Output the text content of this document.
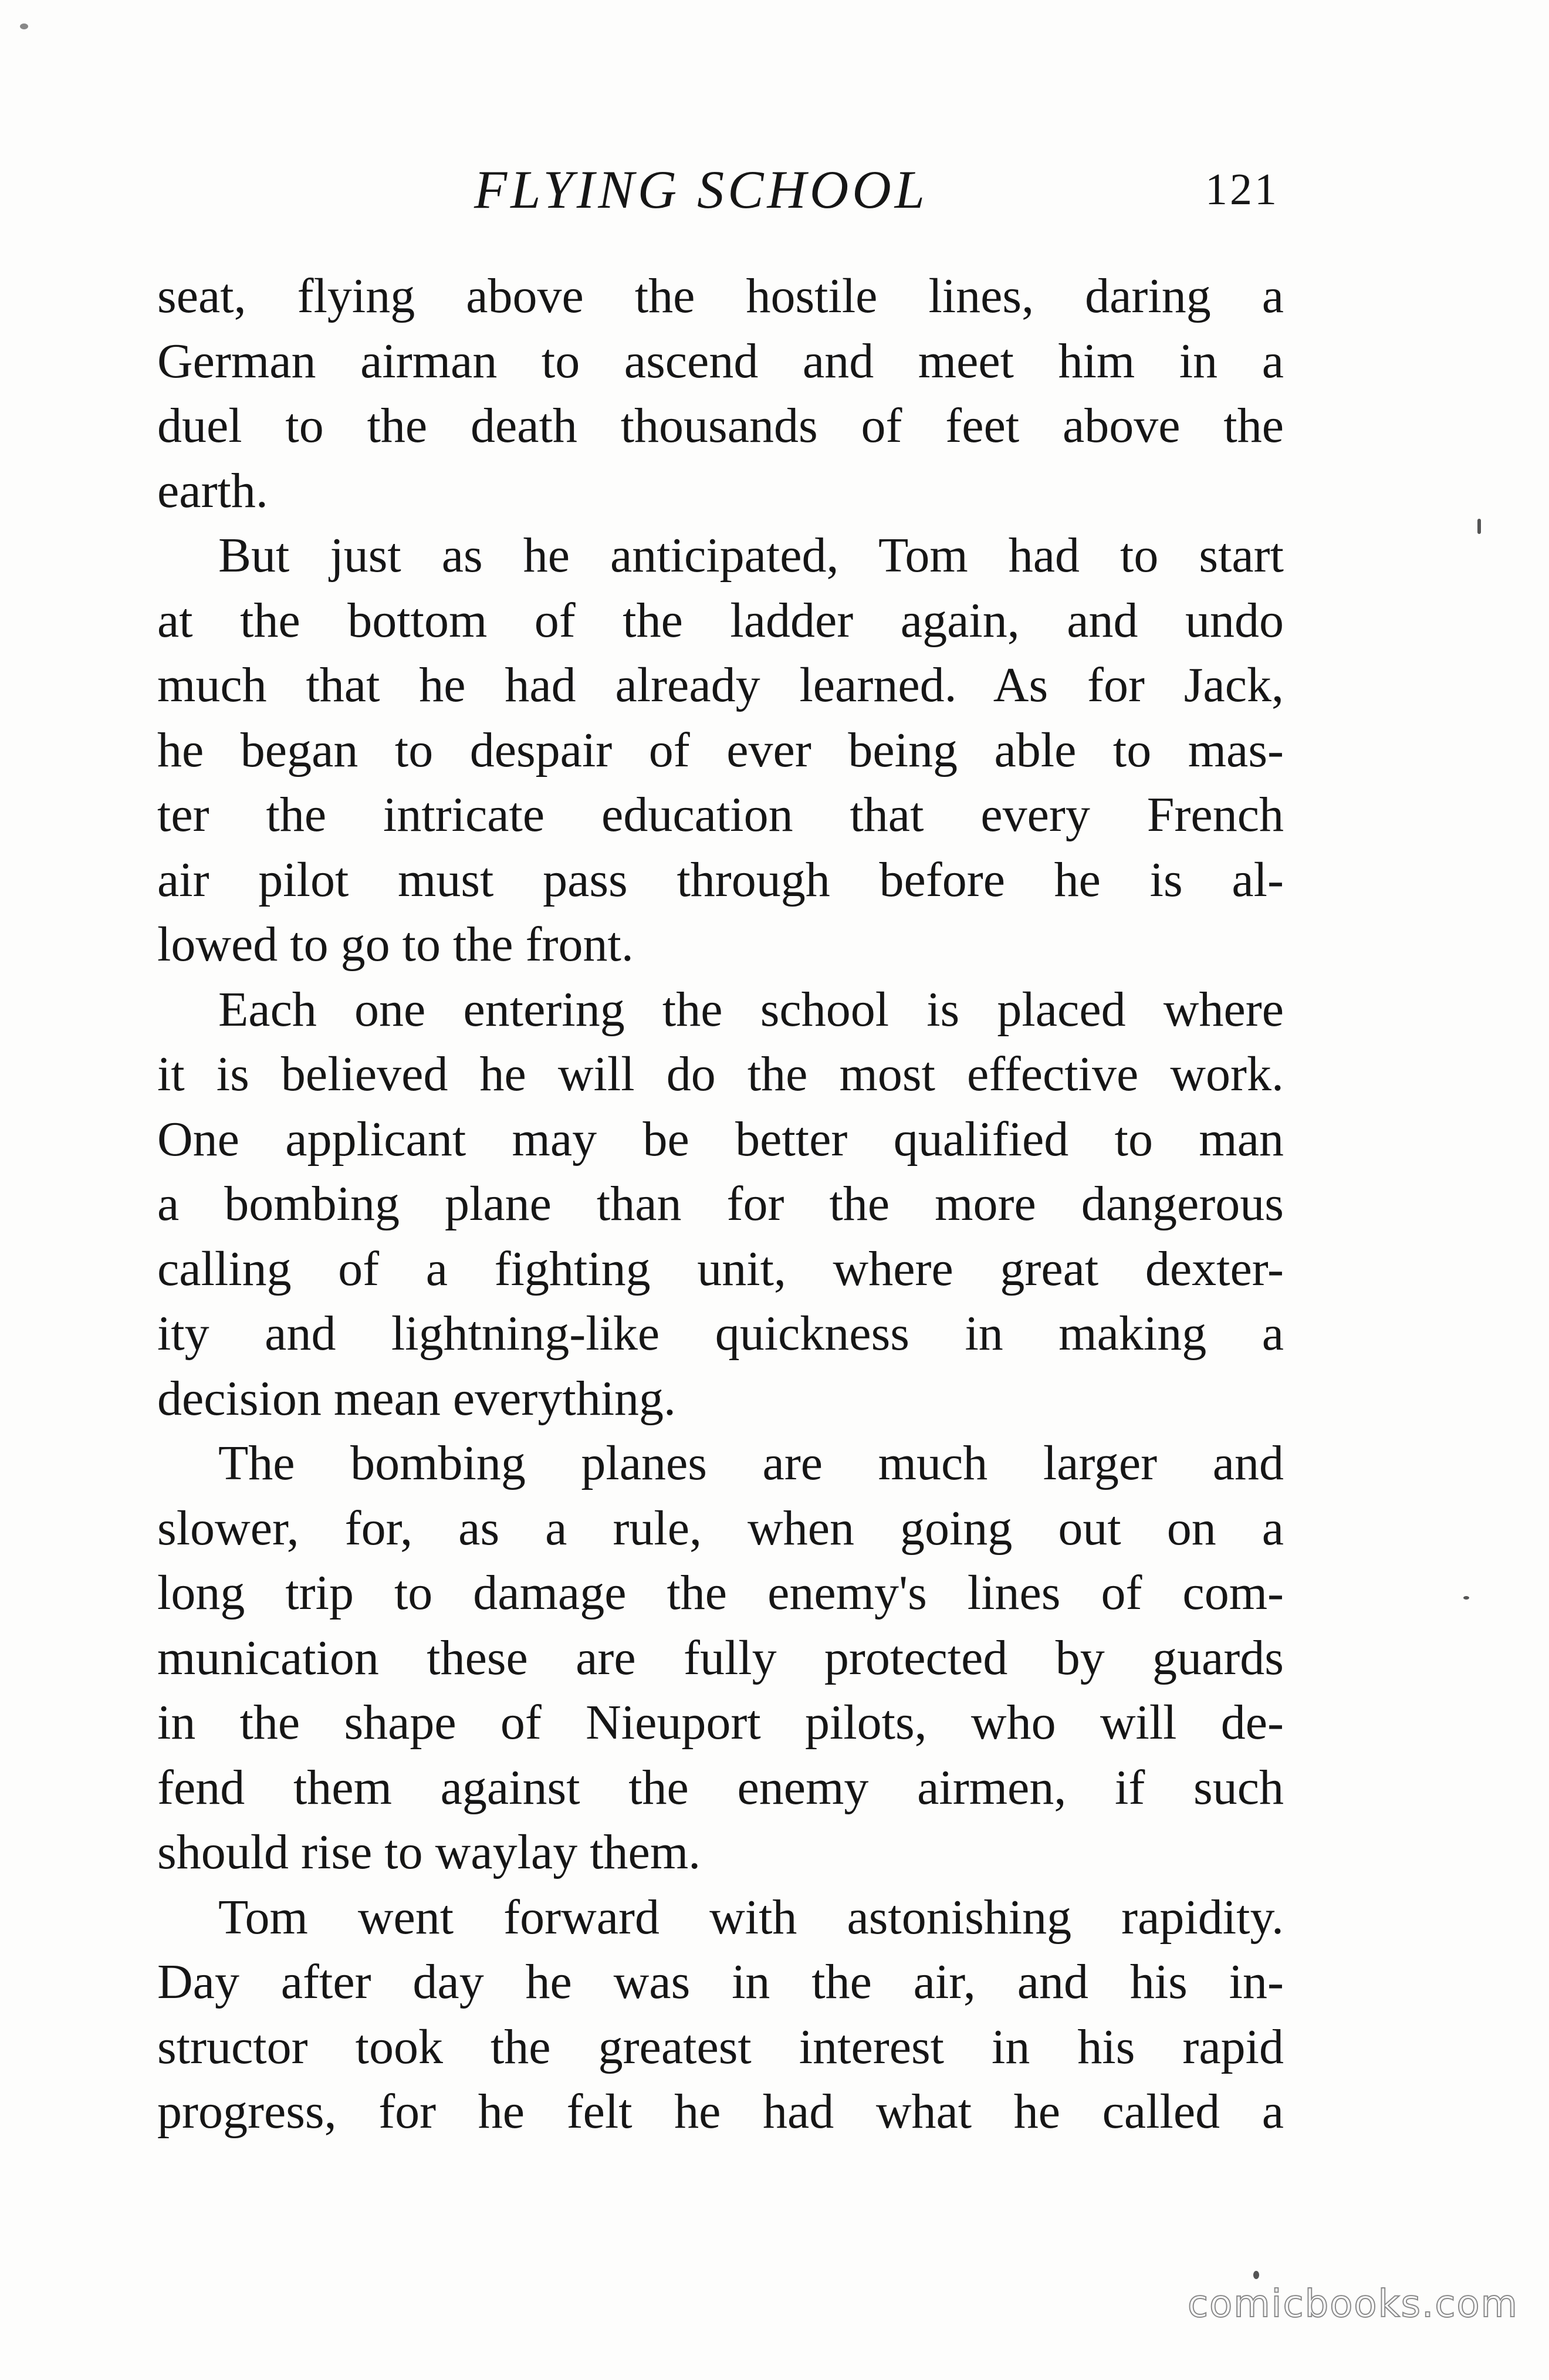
FLYING SCHOOL	121
seat, flying above the hostile lines, daring a
German airman to ascend and meet him in a
duel to the death thousands of feet above the
earth.
But just as he anticipated, Tom had to start
at the bottom of the ladder again, and undo
much that he had already learned. As for Jack,
he began to despair of ever being able to mas-
ter the intricate education that every French
air pilot must pass through before he is al-
lowed to go to the front.
Each one entering the school is placed where
it is believed he will do the most effective work.
One applicant may be better qualified to man
a bombing plane than for the more dangerous
calling of a fighting unit, where great dexter-
ity and lightning-like quickness in making a
decision mean everything.
The bombing planes are much larger and
slower, for, as a rule, when going out on a
long trip to damage the enemy's lines of com-
munication these are fully protected by guards
in the shape of Nieuport pilots, who will de-
fend them against the enemy airmen, if such
should rise to waylay them.
Tom went forward with astonishing rapidity.
Day after day he was in the air, and his in-
structor took the greatest interest in his rapid
progress, for he felt he had what he called a
comicbooks.com
